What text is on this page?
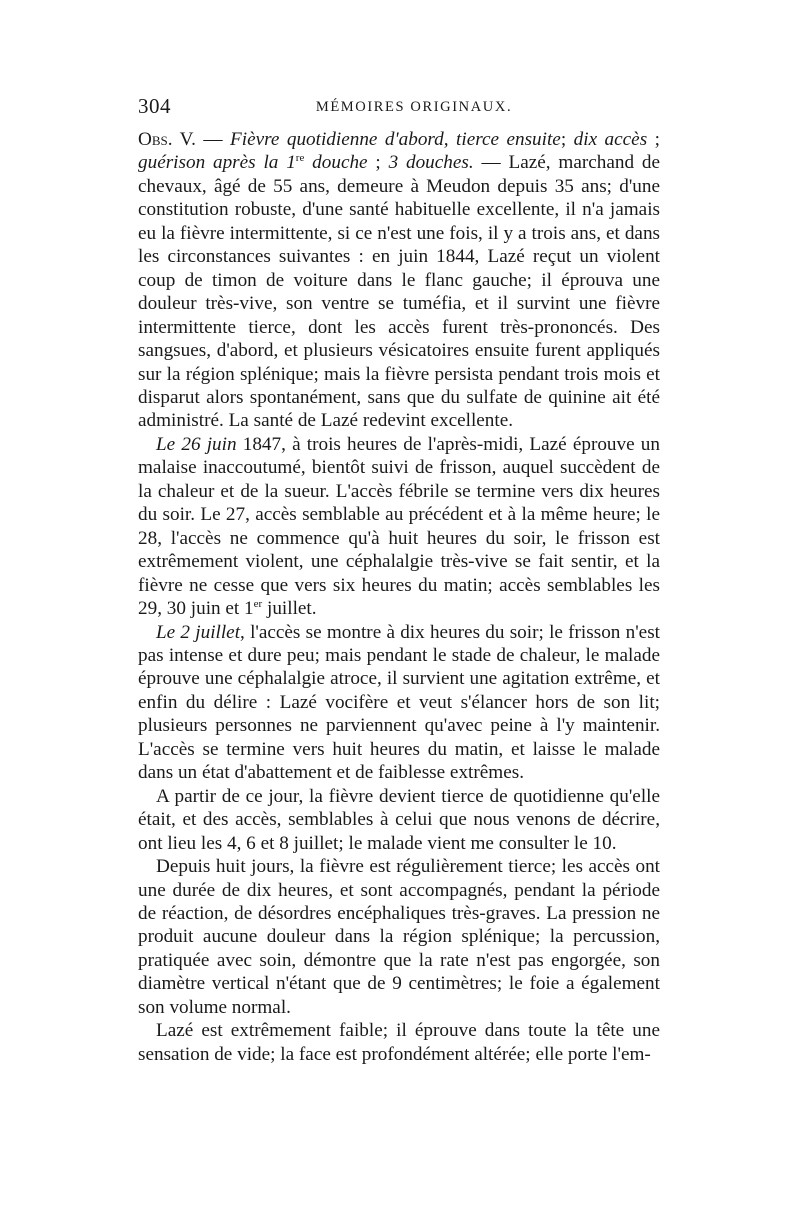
304	MÉMOIRES ORIGINAUX.

Obs. V. — Fièvre quotidienne d'abord, tierce ensuite; dix accès ; guérison après la 1re douche ; 3 douches. — Lazé, marchand de chevaux, âgé de 55 ans, demeure à Meudon depuis 35 ans; d'une constitution robuste, d'une santé habituelle excellente, il n'a jamais eu la fièvre intermittente, si ce n'est une fois, il y a trois ans, et dans les circonstances suivantes : en juin 1844, Lazé reçut un violent coup de timon de voiture dans le flanc gauche; il éprouva une douleur très-vive, son ventre se tuméfia, et il survint une fièvre intermittente tierce, dont les accès furent très-prononcés. Des sangsues, d'abord, et plusieurs vésicatoires ensuite furent appliqués sur la région splénique; mais la fièvre persista pendant trois mois et disparut alors spontanément, sans que du sulfate de quinine ait été administré. La santé de Lazé redevint excellente.

Le 26 juin 1847, à trois heures de l'après-midi, Lazé éprouve un malaise inaccoutumé, bientôt suivi de frisson, auquel succèdent de la chaleur et de la sueur. L'accès fébrile se termine vers dix heures du soir. Le 27, accès semblable au précédent et à la même heure; le 28, l'accès ne commence qu'à huit heures du soir, le frisson est extrêmement violent, une céphalalgie très-vive se fait sentir, et la fièvre ne cesse que vers six heures du matin; accès semblables les 29, 30 juin et 1er juillet.

Le 2 juillet, l'accès se montre à dix heures du soir; le frisson n'est pas intense et dure peu; mais pendant le stade de chaleur, le malade éprouve une céphalalgie atroce, il survient une agitation extrême, et enfin du délire : Lazé vocifère et veut s'élancer hors de son lit; plusieurs personnes ne parviennent qu'avec peine à l'y maintenir. L'accès se termine vers huit heures du matin, et laisse le malade dans un état d'abattement et de faiblesse extrêmes.

A partir de ce jour, la fièvre devient tierce de quotidienne qu'elle était, et des accès, semblables à celui que nous venons de décrire, ont lieu les 4, 6 et 8 juillet; le malade vient me consulter le 10.

Depuis huit jours, la fièvre est régulièrement tierce; les accès ont une durée de dix heures, et sont accompagnés, pendant la période de réaction, de désordres encéphaliques très-graves. La pression ne produit aucune douleur dans la région splénique; la percussion, pratiquée avec soin, démontre que la rate n'est pas engorgée, son diamètre vertical n'étant que de 9 centimètres; le foie a également son volume normal.

Lazé est extrêmement faible; il éprouve dans toute la tête une sensation de vide; la face est profondément altérée; elle porte l'em-
